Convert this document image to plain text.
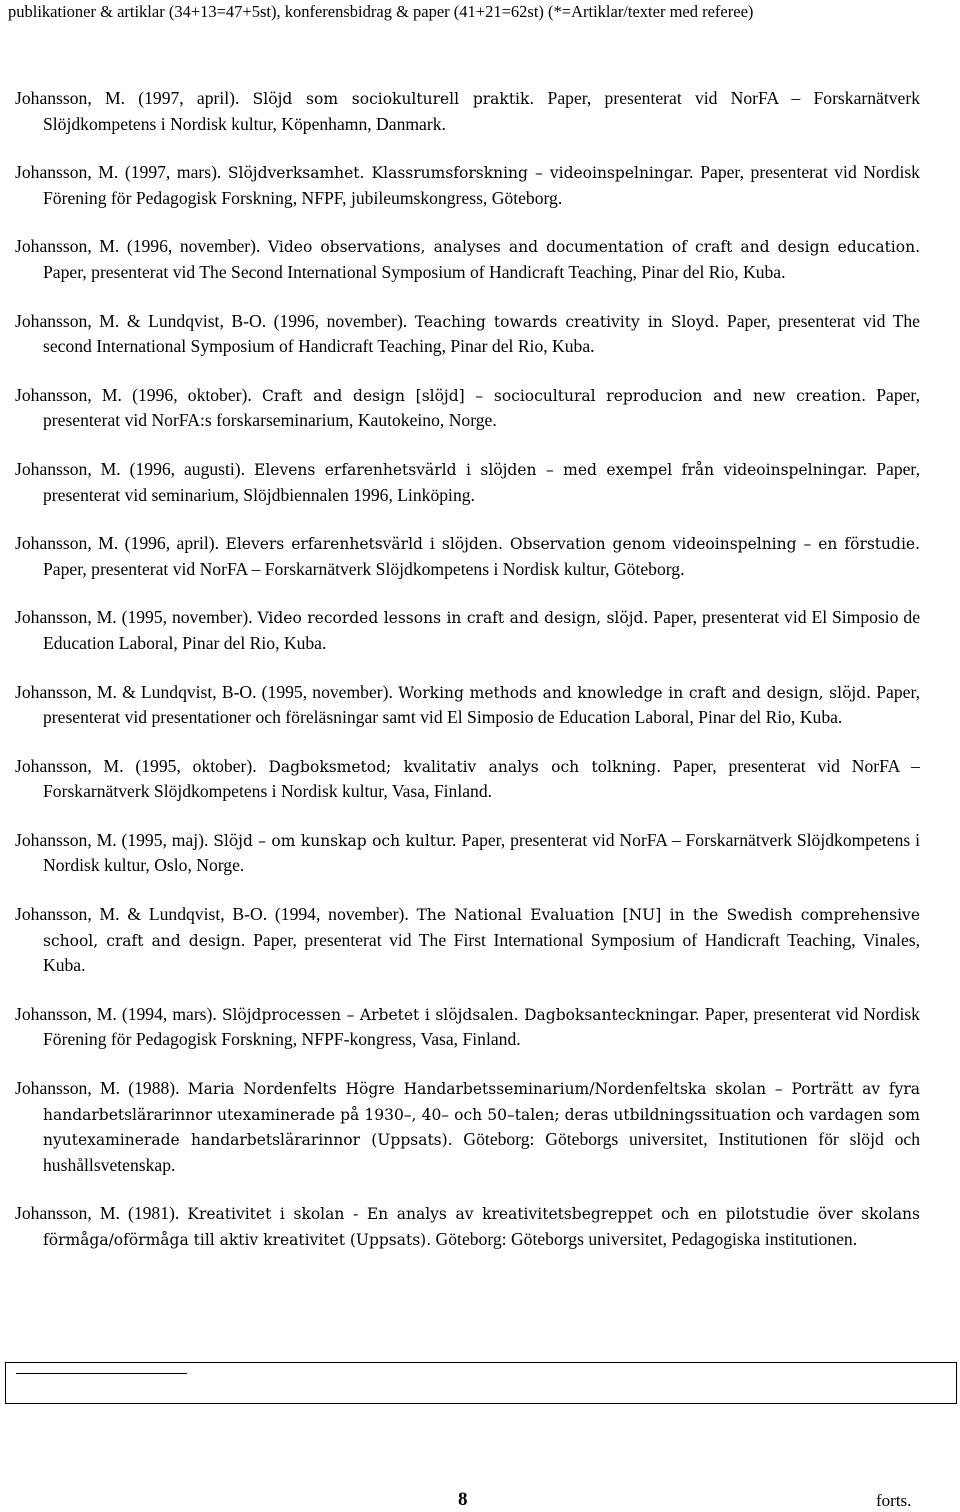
publikationer & artiklar (34+13=47+5st), konferensbidrag & paper (41+21=62st) (*=Artiklar/texter med referee)

Johansson, M. (1997, april). Slöjd som sociokulturell praktik. Paper, presenterat vid NorFA – Forskarnätverk Slöjdkompetens i Nordisk kultur, Köpenhamn, Danmark.

Johansson, M. (1997, mars). Slöjdverksamhet. Klassrumsforskning – videoinspelningar. Paper, presenterat vid Nordisk Förening för Pedagogisk Forskning, NFPF, jubileumskongress, Göteborg.

Johansson, M. (1996, november). Video observations, analyses and documentation of craft and design education. Paper, presenterat vid The Second International Symposium of Handicraft Teaching, Pinar del Rio, Kuba.

Johansson, M. & Lundqvist, B-O. (1996, november). Teaching towards creativity in Sloyd. Paper, presenterat vid The second International Symposium of Handicraft Teaching, Pinar del Rio, Kuba.

Johansson, M. (1996, oktober). Craft and design [slöjd] – sociocultural reproducion and new creation. Paper, presenterat vid NorFA:s forskarseminarium, Kautokeino, Norge.

Johansson, M. (1996, augusti). Elevens erfarenhetsvärld i slöjden – med exempel från videoinspelningar. Paper, presenterat vid seminarium, Slöjdbiennalen 1996, Linköping.

Johansson, M. (1996, april). Elevers erfarenhetsvärld i slöjden. Observation genom videoinspelning – en förstudie. Paper, presenterat vid NorFA – Forskarnätverk Slöjdkompetens i Nordisk kultur, Göteborg.

Johansson, M. (1995, november). Video recorded lessons in craft and design, slöjd. Paper, presenterat vid El Simposio de Education Laboral, Pinar del Rio, Kuba.

Johansson, M. & Lundqvist, B-O. (1995, november). Working methods and knowledge in craft and design, slöjd. Paper, presenterat vid presentationer och föreläsningar samt vid El Simposio de Education Laboral, Pinar del Rio, Kuba.

Johansson, M. (1995, oktober). Dagboksmetod; kvalitativ analys och tolkning. Paper, presenterat vid NorFA – Forskarnätverk Slöjdkompetens i Nordisk kultur, Vasa, Finland.

Johansson, M. (1995, maj). Slöjd – om kunskap och kultur. Paper, presenterat vid NorFA – Forskarnätverk Slöjdkompetens i Nordisk kultur, Oslo, Norge.

Johansson, M. & Lundqvist, B-O. (1994, november). The National Evaluation [NU] in the Swedish comprehensive school, craft and design. Paper, presenterat vid The First International Symposium of Handicraft Teaching, Vinales, Kuba.

Johansson, M. (1994, mars). Slöjdprocessen – Arbetet i slöjdsalen. Dagboksanteckningar. Paper, presenterat vid Nordisk Förening för Pedagogisk Forskning, NFPF-kongress, Vasa, Finland.

Johansson, M. (1988). Maria Nordenfelts Högre Handarbetsseminarium/Nordenfeltska skolan – Porträtt av fyra handarbetslärarinnor utexaminerade på 1930–, 40– och 50–talen; deras utbildningssituation och vardagen som nyutexaminerade handarbetslärarinnor (Uppsats). Göteborg: Göteborgs universitet, Institutionen för slöjd och hushållsvetenskap.

Johansson, M. (1981). Kreativitet i skolan - En analys av kreativitetsbegreppet och en pilotstudie över skolans förmåga/oförmåga till aktiv kreativitet (Uppsats). Göteborg: Göteborgs universitet, Pedagogiska institutionen.

8	forts.
